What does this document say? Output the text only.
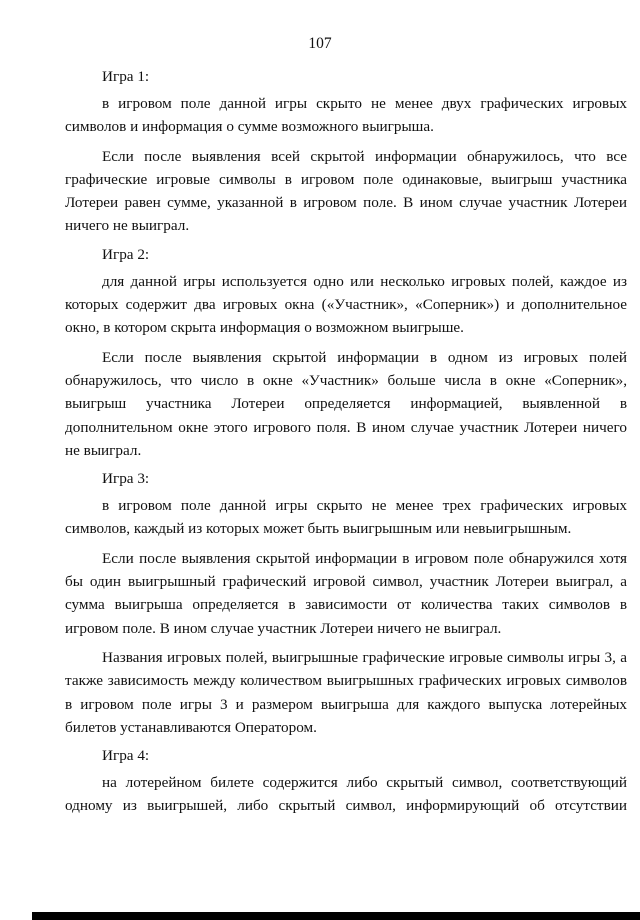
107

Игра 1:

в игровом поле данной игры скрыто не менее двух графических игровых символов и информация о сумме возможного выигрыша.

Если после выявления всей скрытой информации обнаружилось, что все графические игровые символы в игровом поле одинаковые, выигрыш участника Лотереи равен сумме, указанной в игровом поле. В ином случае участник Лотереи ничего не выиграл.

Игра 2:

для данной игры используется одно или несколько игровых полей, каждое из которых содержит два игровых окна («Участник», «Соперник») и дополнительное окно, в котором скрыта информация о возможном выигрыше.

Если после выявления скрытой информации в одном из игровых полей обнаружилось, что число в окне «Участник» больше числа в окне «Соперник», выигрыш участника Лотереи определяется информацией, выявленной в дополнительном окне этого игрового поля. В ином случае участник Лотереи ничего не выиграл.

Игра 3:

в игровом поле данной игры скрыто не менее трех графических игровых символов, каждый из которых может быть выигрышным или невыигрышным.

Если после выявления скрытой информации в игровом поле обнаружился хотя бы один выигрышный графический игровой символ, участник Лотереи выиграл, а сумма выигрыша определяется в зависимости от количества таких символов в игровом поле. В ином случае участник Лотереи ничего не выиграл.

Названия игровых полей, выигрышные графические игровые символы игры 3, а также зависимость между количеством выигрышных графических игровых символов в игровом поле игры 3 и размером выигрыша для каждого выпуска лотерейных билетов устанавливаются Оператором.

Игра 4:

на лотерейном билете содержится либо скрытый символ, соответствующий одному из выигрышей, либо скрытый символ, информирующий об отсутствии
